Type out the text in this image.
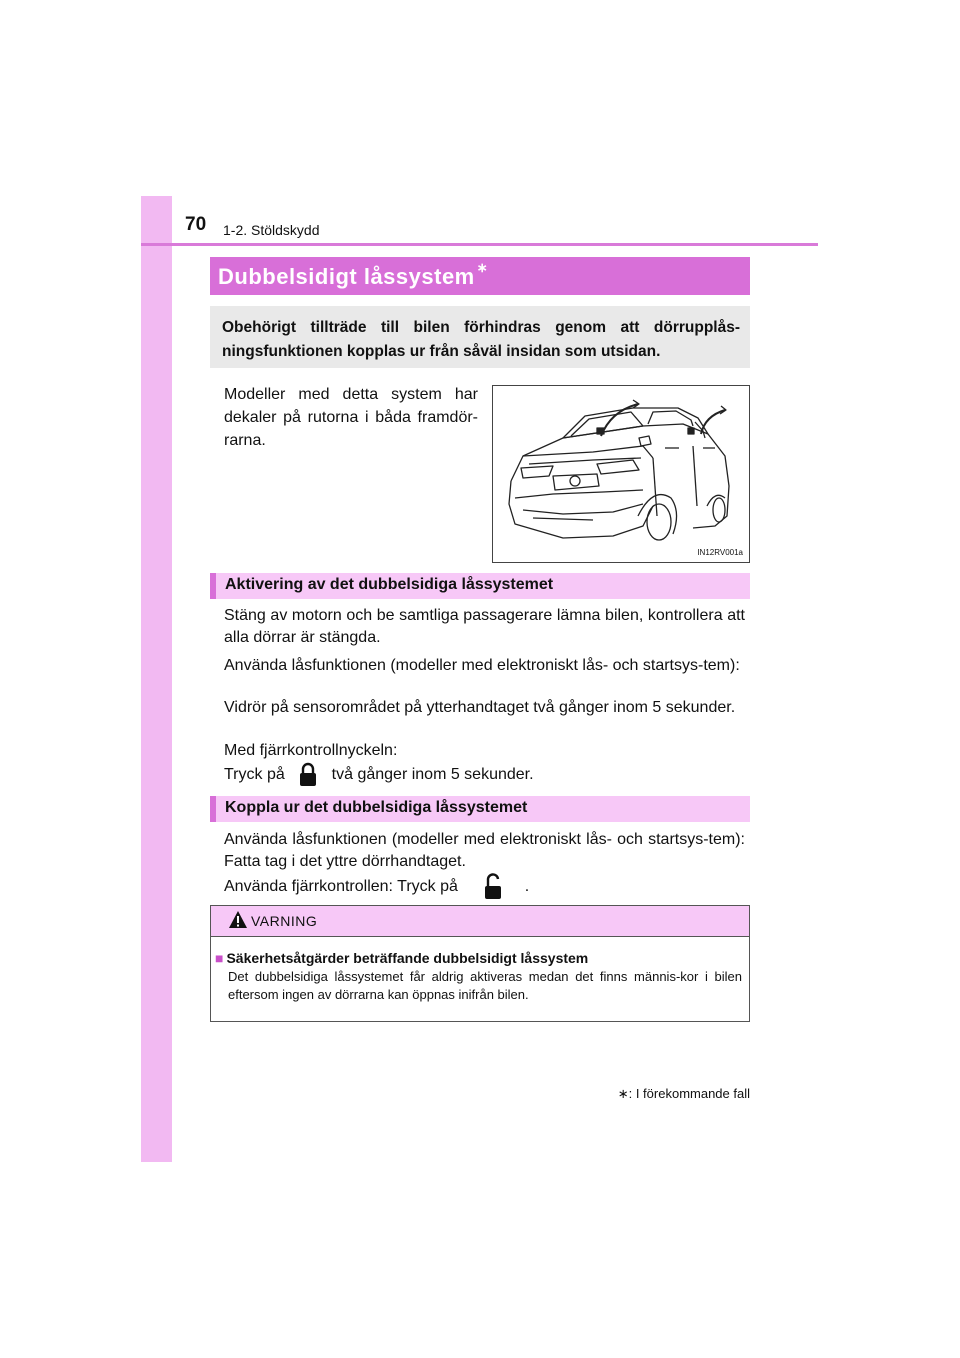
70 1-2. Stöldskydd
Dubbelsidigt låssystem ∗
Obehörigt tillträde till bilen förhindras genom att dörrupplås-ningsfunktionen kopplas ur från såväl insidan som utsidan.
Modeller med detta system har dekaler på rutorna i båda framdör-rarna.
IN12RV001a
Aktivering av det dubbelsidiga låssystemet
Stäng av motorn och be samtliga passagerare lämna bilen, kontrollera att alla dörrar är stängda.
Använda låsfunktionen (modeller med elektroniskt lås- och startsys-tem):
Vidrör på sensorområdet på ytterhandtaget två gånger inom 5 sekunder.
Med fjärrkontrollnyckeln:
Tryck på	två gånger inom 5 sekunder.
Koppla ur det dubbelsidiga låssystemet
Använda låsfunktionen (modeller med elektroniskt lås- och startsys-tem): Fatta tag i det yttre dörrhandtaget.
Använda fjärrkontrollen: Tryck på	.
VARNING
■ Säkerhetsåtgärder beträffande dubbelsidigt låssystem
Det dubbelsidiga låssystemet får aldrig aktiveras medan det finns männis-kor i bilen eftersom ingen av dörrarna kan öppnas inifrån bilen.
∗: I förekommande fall
